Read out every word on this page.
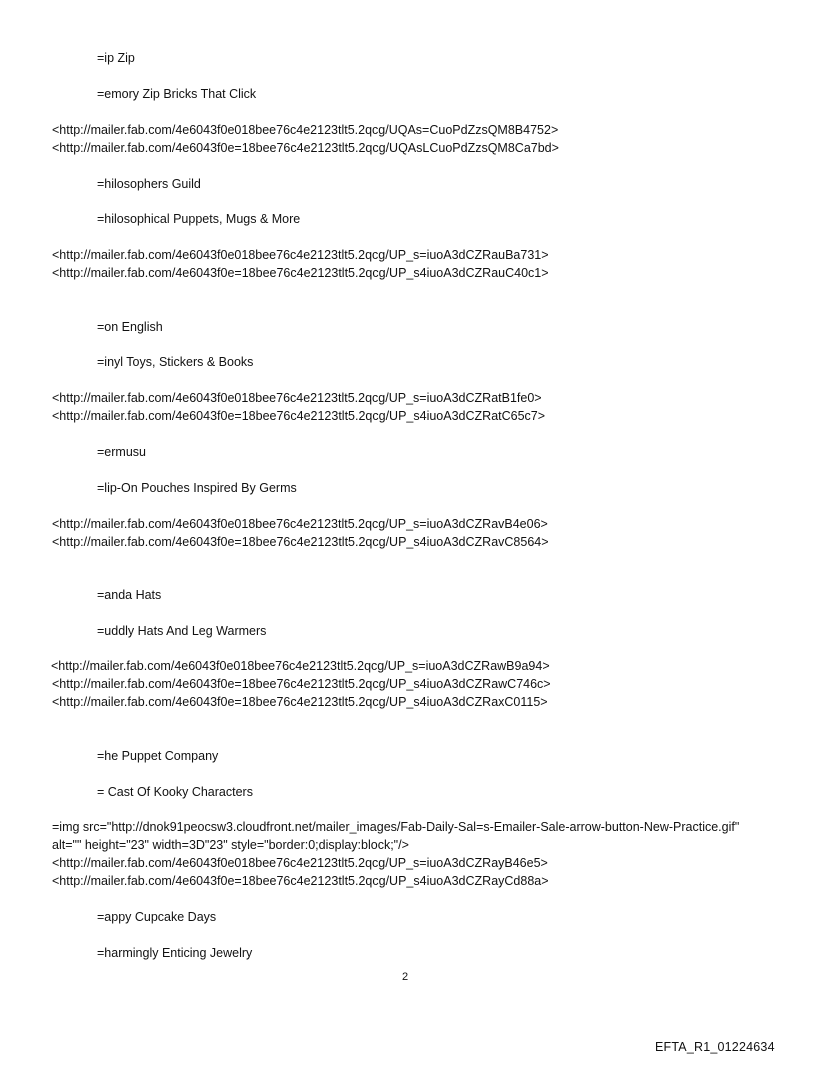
=ip Zip
=emory Zip Bricks That Click
<http://mailer.fab.com/4e6043f0e018bee76c4e2123tlt5.2qcg/UQAs=CuoPdZzsQM8B4752>
<http://mailer.fab.com/4e6043f0e=18bee76c4e2123tlt5.2qcg/UQAsLCuoPdZzsQM8Ca7bd>
=hilosophers Guild
=hilosophical Puppets, Mugs & More
<http://mailer.fab.com/4e6043f0e018bee76c4e2123tlt5.2qcg/UP_s=iuoA3dCZRauBa731>
<http://mailer.fab.com/4e6043f0e=18bee76c4e2123tlt5.2qcg/UP_s4iuoA3dCZRauC40c1>
=on English
=inyl Toys, Stickers & Books
<http://mailer.fab.com/4e6043f0e018bee76c4e2123tlt5.2qcg/UP_s=iuoA3dCZRatB1fe0>
<http://mailer.fab.com/4e6043f0e=18bee76c4e2123tlt5.2qcg/UP_s4iuoA3dCZRatC65c7>
=ermusu
=lip-On Pouches Inspired By Germs
<http://mailer.fab.com/4e6043f0e018bee76c4e2123tlt5.2qcg/UP_s=iuoA3dCZRavB4e06>
<http://mailer.fab.com/4e6043f0e=18bee76c4e2123tlt5.2qcg/UP_s4iuoA3dCZRavC8564>
=anda Hats
=uddly Hats And Leg Warmers
<http://mailer.fab.com/4e6043f0e018bee76c4e2123tlt5.2qcg/UP_s=iuoA3dCZRawB9a94>
<http://mailer.fab.com/4e6043f0e=18bee76c4e2123tlt5.2qcg/UP_s4iuoA3dCZRawC746c>
<http://mailer.fab.com/4e6043f0e=18bee76c4e2123tlt5.2qcg/UP_s4iuoA3dCZRaxC0115>
=he Puppet Company
= Cast Of Kooky Characters
=img src="http://dnok91peocsw3.cloudfront.net/mailer_images/Fab-Daily-Sal=s-Emailer-Sale-arrow-button-New-Practice.gif" alt="" height="23" width=3D"23" style="border:0;display:block;"/>
<http://mailer.fab.com/4e6043f0e018bee76c4e2123tlt5.2qcg/UP_s=iuoA3dCZRayB46e5>
<http://mailer.fab.com/4e6043f0e=18bee76c4e2123tlt5.2qcg/UP_s4iuoA3dCZRayCd88a>
=appy Cupcake Days
=harmingly Enticing Jewelry
2
EFTA_R1_01224634
